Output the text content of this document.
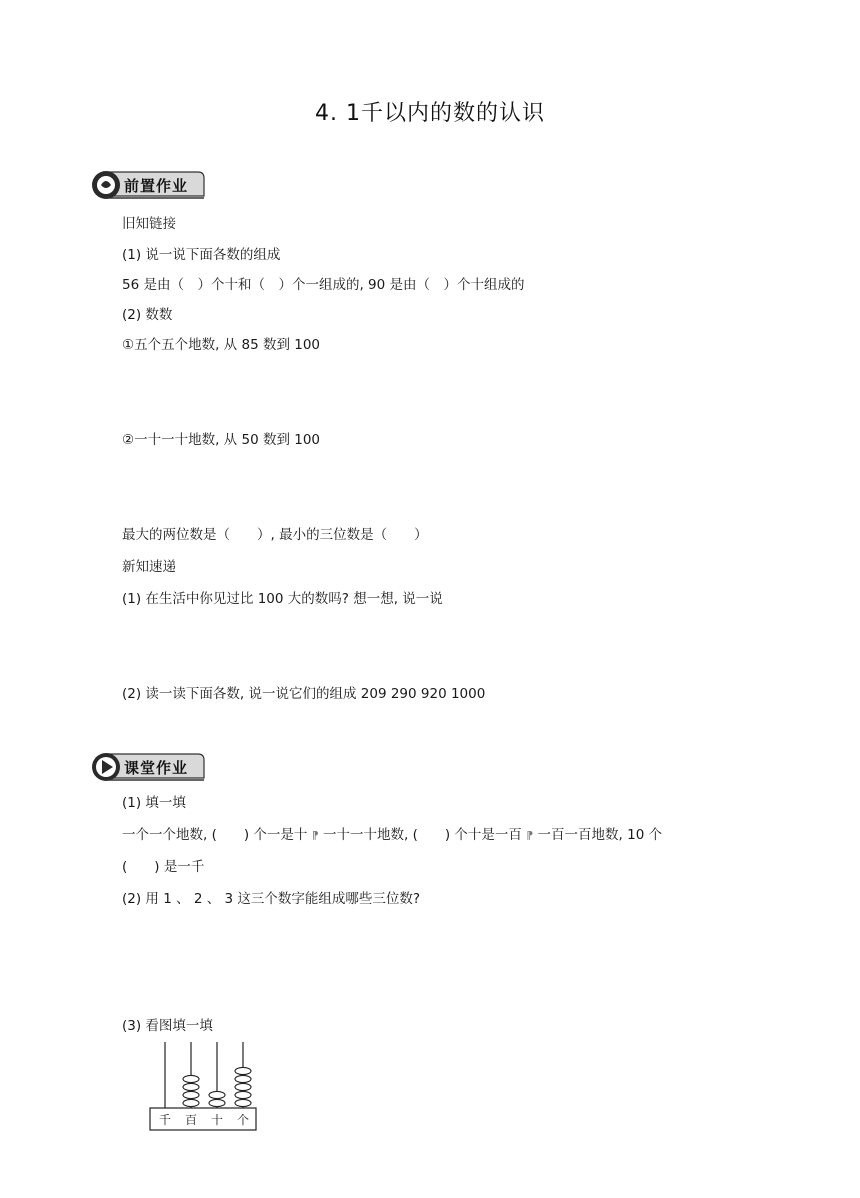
4. 1千以内的数的认识
前置作业
旧知链接
(1) 说一说下面各数的组成
56 是由（　）个十和（　）个一组成的, 90 是由（　）个十组成的
(2) 数数
①五个五个地数, 从 85 数到 100
②一十一十地数, 从 50 数到 100
最大的两位数是（　　）, 最小的三位数是（　　）
新知速递
(1) 在生活中你见过比 100 大的数吗? 想一想, 说一说
(2) 读一读下面各数, 说一说它们的组成 209 290 920 1000
课堂作业
(1) 填一填
一个一个地数, (　　) 个一是十 ⁋ 一十一十地数, (　　) 个十是一百 ⁋ 一百一百地数, 10 个
(　　) 是一千
(2) 用 1 、 2 、 3 这三个数字能组成哪些三位数?
(3) 看图填一填
千 百 十 个
